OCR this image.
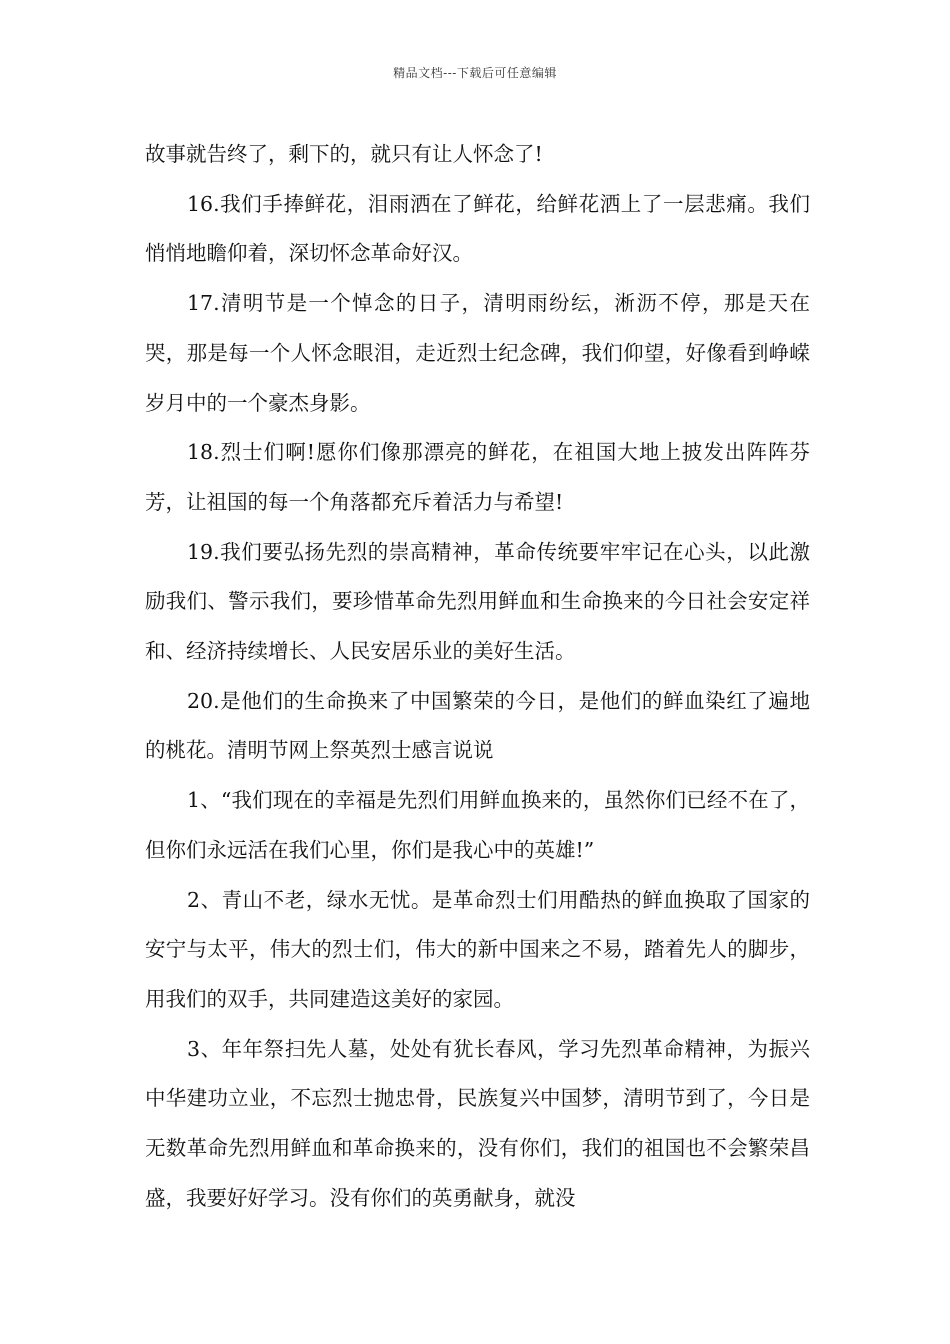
精品文档---下载后可任意编辑

故事就告终了，剩下的，就只有让人怀念了!

16.我们手捧鲜花，泪雨洒在了鲜花，给鲜花洒上了一层悲痛。我们悄悄地瞻仰着，深切怀念革命好汉。

17.清明节是一个悼念的日子，清明雨纷纭，淅沥不停，那是天在哭，那是每一个人怀念眼泪，走近烈士纪念碑，我们仰望，好像看到峥嵘岁月中的一个豪杰身影。

18.烈士们啊!愿你们像那漂亮的鲜花，在祖国大地上披发出阵阵芬芳，让祖国的每一个角落都充斥着活力与希望!

19.我们要弘扬先烈的崇高精神，革命传统要牢牢记在心头，以此激励我们、警示我们，要珍惜革命先烈用鲜血和生命换来的今日社会安定祥和、经济持续增长、人民安居乐业的美好生活。

20.是他们的生命换来了中国繁荣的今日，是他们的鲜血染红了遍地的桃花。清明节网上祭英烈士感言说说

1、“我们现在的幸福是先烈们用鲜血换来的，虽然你们已经不在了，但你们永远活在我们心里，你们是我心中的英雄!”

2、青山不老，绿水无忧。是革命烈士们用酷热的鲜血换取了国家的安宁与太平，伟大的烈士们，伟大的新中国来之不易，踏着先人的脚步，用我们的双手，共同建造这美好的家园。

3、年年祭扫先人墓，处处有犹长春风，学习先烈革命精神，为振兴中华建功立业，不忘烈士抛忠骨，民族复兴中国梦，清明节到了，今日是无数革命先烈用鲜血和革命换来的，没有你们，我们的祖国也不会繁荣昌盛，我要好好学习。没有你们的英勇献身，就没
